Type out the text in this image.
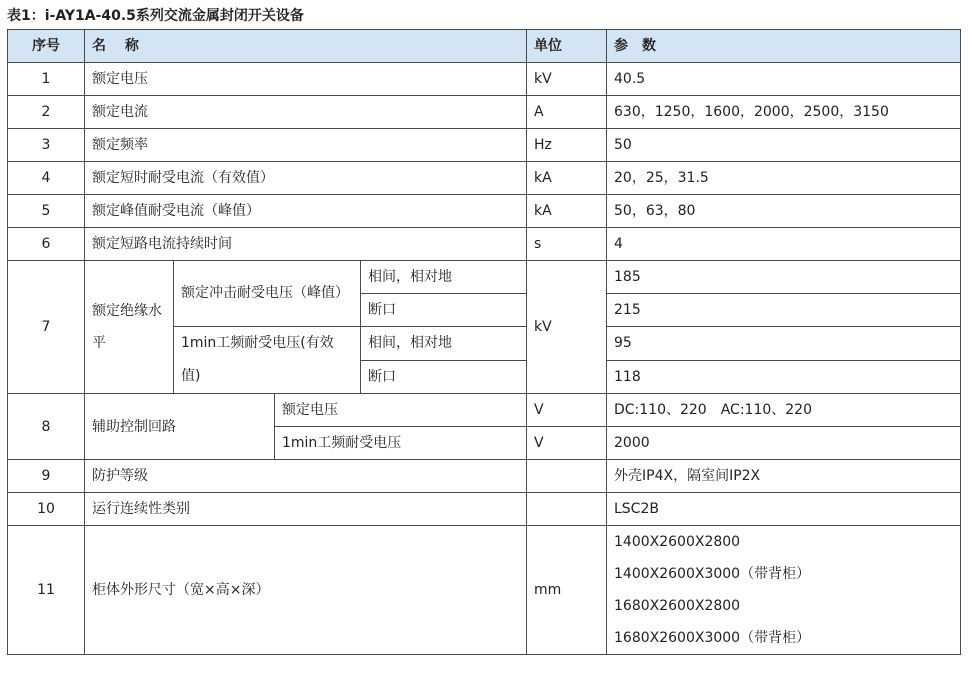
表1：i-AY1A-40.5系列交流金属封闭开关设备
序号	名　 称				单位	参　数
1	额定电压				kV	40.5
2	额定电流				A	630，1250，1600，2000，2500，3150
3	额定频率				Hz	50
4	额定短时耐受电流（有效值）				kA	20，25，31.5
5	额定峰值耐受电流（峰值）				kA	50，63，80
6	额定短路电流持续时间				s	4
7	额定绝缘水平	额定冲击耐受电压（峰值）		相间，相对地	kV	185
				断口		215
		1min工频耐受电压(有效值)		相间，相对地		95
				断口		118
8	辅助控制回路		额定电压		V	DC:110、220　AC:110、220
			1min工频耐受电压		V	2000
9	防护等级					外壳IP4X，隔室间IP2X
10	运行连续性类别					LSC2B
11	柜体外形尺寸（宽×高×深）				mm	1400X2600X2800
1400X2600X3000（带背柜）
1680X2600X2800
1680X2600X3000（带背柜）
